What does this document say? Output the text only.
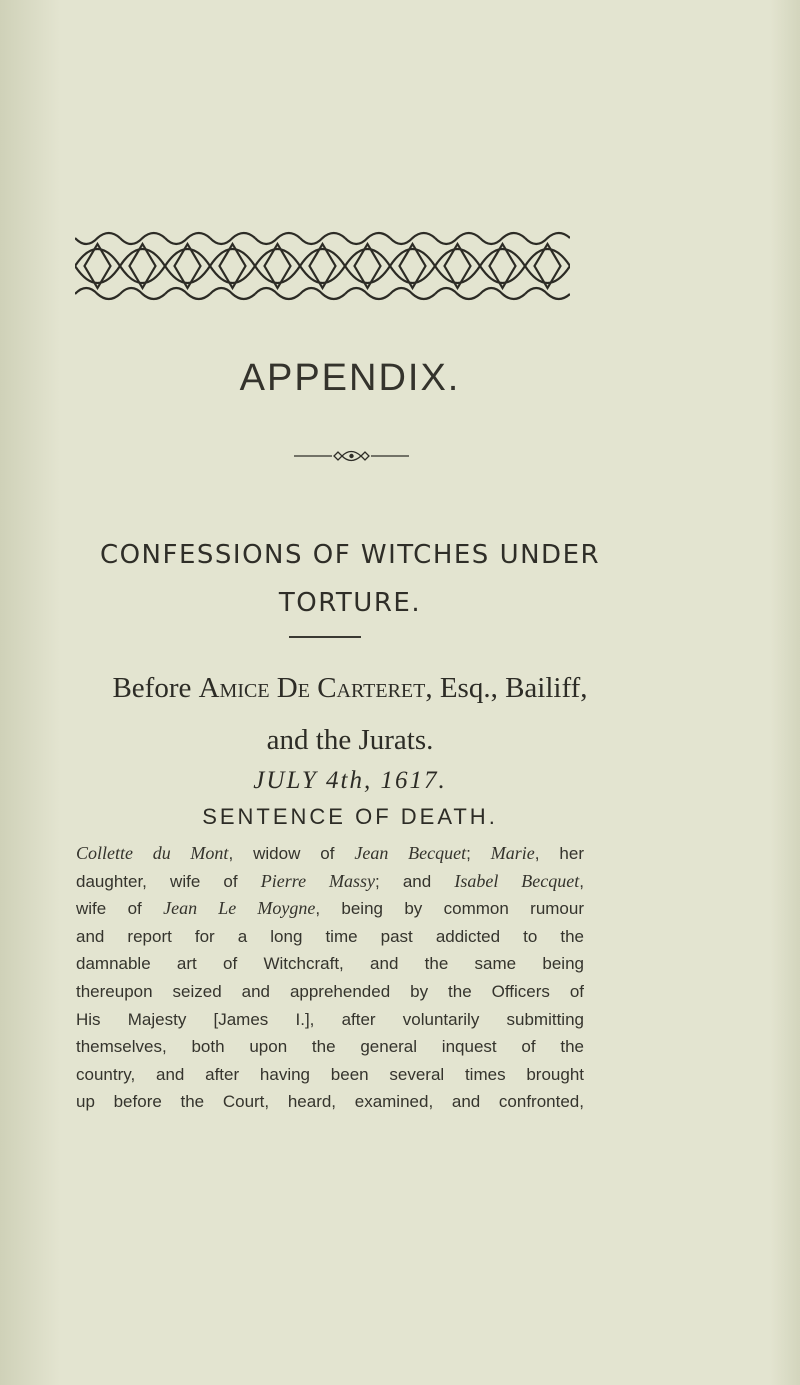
APPENDIX.
CONFESSIONS OF WITCHES UNDER
TORTURE.
Before Amice De Carteret, Esq., Bailiff,
and the Jurats.
JULY 4th, 1617.
SENTENCE OF DEATH.
Collette du Mont, widow of Jean Becquet; Marie, her
daughter, wife of Pierre Massy; and Isabel Becquet,
wife of Jean Le Moygne, being by common rumour
and report for a long time past addicted to the
damnable art of Witchcraft, and the same being
thereupon seized and apprehended by the Officers of
His Majesty [James I.], after voluntarily submitting
themselves, both upon the general inquest of the
country, and after having been several times brought
up before the Court, heard, examined, and confronted,
